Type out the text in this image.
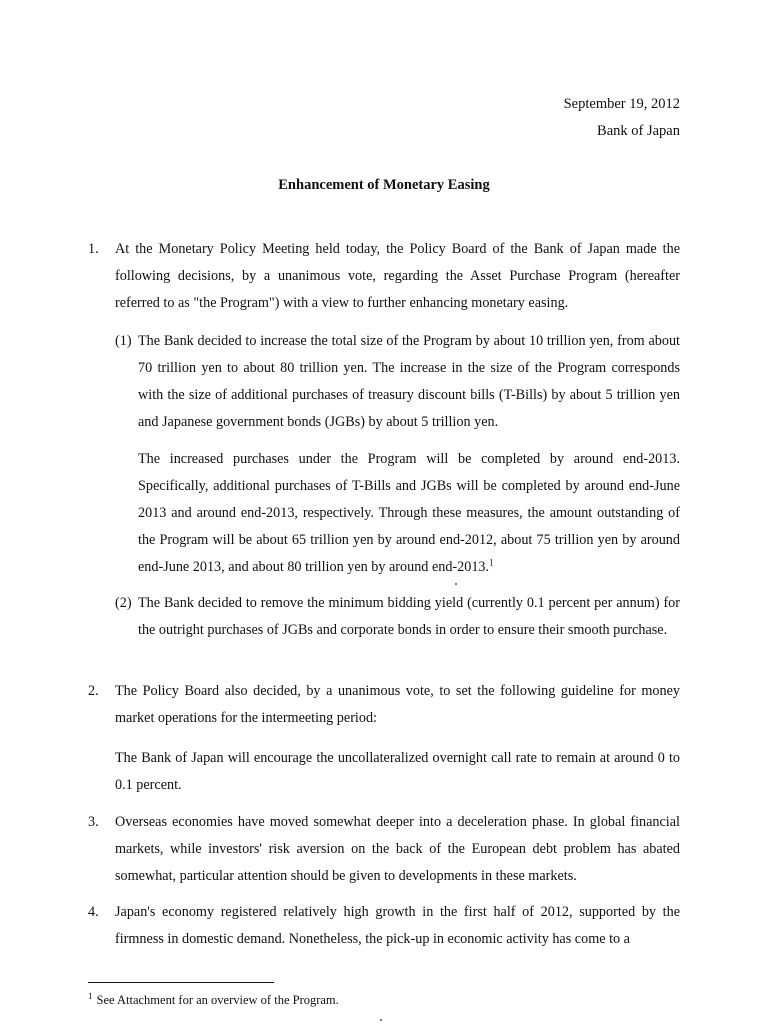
September 19, 2012
Bank of Japan
Enhancement of Monetary Easing
1. At the Monetary Policy Meeting held today, the Policy Board of the Bank of Japan made the following decisions, by a unanimous vote, regarding the Asset Purchase Program (hereafter referred to as "the Program") with a view to further enhancing monetary easing.
(1) The Bank decided to increase the total size of the Program by about 10 trillion yen, from about 70 trillion yen to about 80 trillion yen. The increase in the size of the Program corresponds with the size of additional purchases of treasury discount bills (T-Bills) by about 5 trillion yen and Japanese government bonds (JGBs) by about 5 trillion yen.
The increased purchases under the Program will be completed by around end-2013. Specifically, additional purchases of T-Bills and JGBs will be completed by around end-June 2013 and around end-2013, respectively. Through these measures, the amount outstanding of the Program will be about 65 trillion yen by around end-2012, about 75 trillion yen by around end-June 2013, and about 80 trillion yen by around end-2013.$^1$
(2) The Bank decided to remove the minimum bidding yield (currently 0.1 percent per annum) for the outright purchases of JGBs and corporate bonds in order to ensure their smooth purchase.
2. The Policy Board also decided, by a unanimous vote, to set the following guideline for money market operations for the intermeeting period:
The Bank of Japan will encourage the uncollateralized overnight call rate to remain at around 0 to 0.1 percent.
3. Overseas economies have moved somewhat deeper into a deceleration phase. In global financial markets, while investors' risk aversion on the back of the European debt problem has abated somewhat, particular attention should be given to developments in these markets.
4. Japan's economy registered relatively high growth in the first half of 2012, supported by the firmness in domestic demand. Nonetheless, the pick-up in economic activity has come to a
$^1$ See Attachment for an overview of the Program.
